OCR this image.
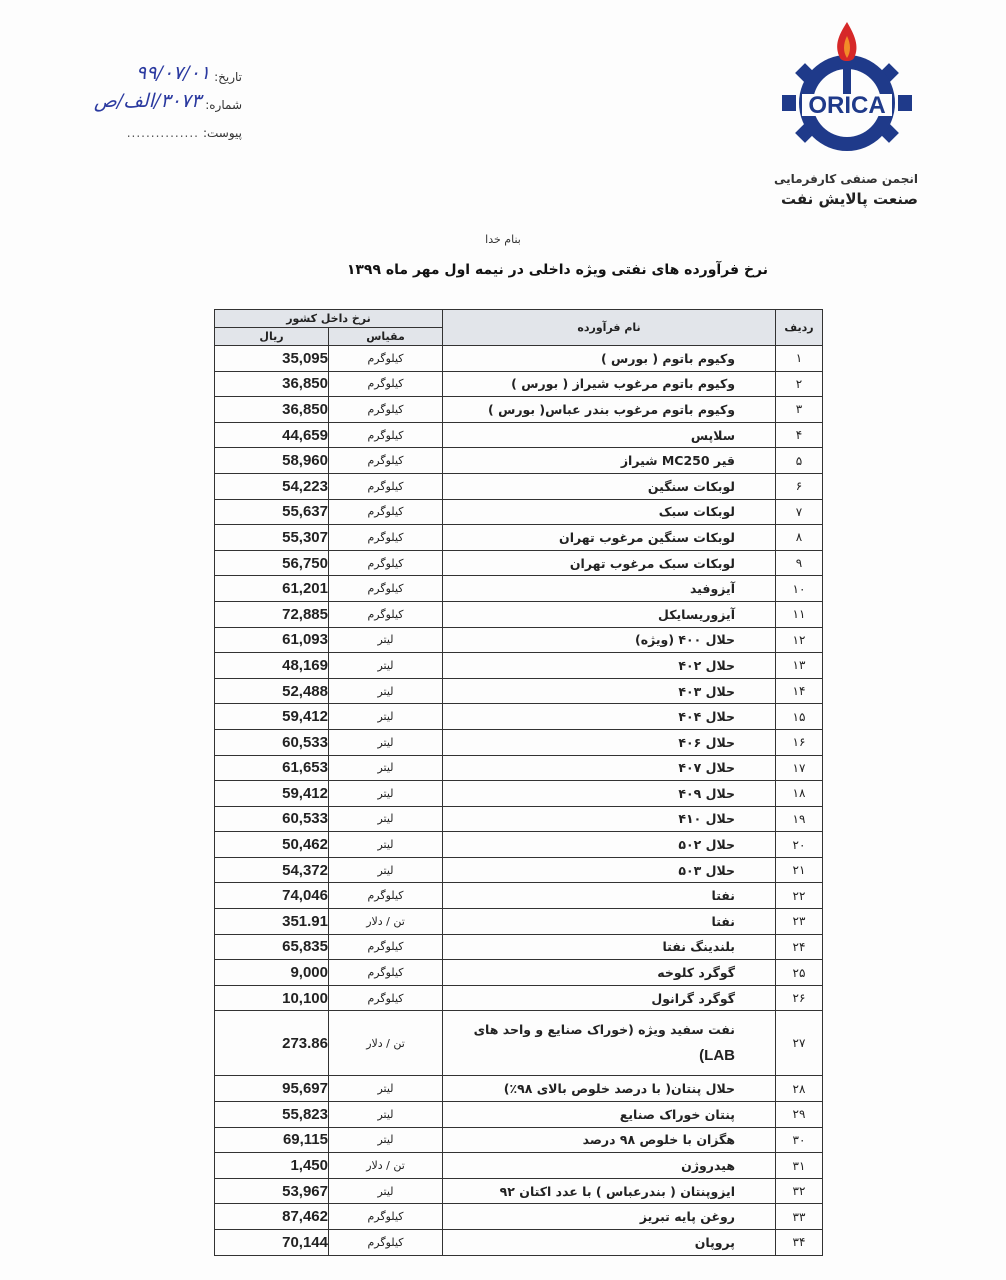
ORICA
انجمن صنفی کارفرمایی
صنعت پالایش نفت
تاریخ:
۹۹/۰۷/۰۱
شماره:
۳۰۷۳/الف/ص
پیوست:
...............
بنام خدا
نرخ فرآورده های نفتی ویژه داخلی در نیمه اول مهر ماه ۱۳۹۹
ردیف	نام فرآورده	نرخ داخل کشور	
		مقیاس	ریال
۱	وکیوم باتوم ( بورس )	کیلوگرم	35,095
۲	وکیوم باتوم مرغوب شیراز ( بورس )	کیلوگرم	36,850
۳	وکیوم باتوم مرغوب بندر عباس( بورس )	کیلوگرم	36,850
۴	سلاپس	کیلوگرم	44,659
۵	قیر MC250 شیراز	کیلوگرم	58,960
۶	لوبکات سنگین	کیلوگرم	54,223
۷	لوبکات سبک	کیلوگرم	55,637
۸	لوبکات سنگین مرغوب تهران	کیلوگرم	55,307
۹	لوبکات سبک مرغوب تهران	کیلوگرم	56,750
۱۰	آیزوفید	کیلوگرم	61,201
۱۱	آیزوریسایکل	کیلوگرم	72,885
۱۲	حلال ۴۰۰ (ویژه)	لیتر	61,093
۱۳	حلال ۴۰۲	لیتر	48,169
۱۴	حلال ۴۰۳	لیتر	52,488
۱۵	حلال ۴۰۴	لیتر	59,412
۱۶	حلال ۴۰۶	لیتر	60,533
۱۷	حلال ۴۰۷	لیتر	61,653
۱۸	حلال ۴۰۹	لیتر	59,412
۱۹	حلال ۴۱۰	لیتر	60,533
۲۰	حلال ۵۰۲	لیتر	50,462
۲۱	حلال ۵۰۳	لیتر	54,372
۲۲	نفتا	کیلوگرم	74,046
۲۳	نفتا	تن / دلار	351.91
۲۴	بلندینگ نفتا	کیلوگرم	65,835
۲۵	گوگرد کلوخه	کیلوگرم	9,000
۲۶	گوگرد گرانول	کیلوگرم	10,100
۲۷	نفت سفید ویژه (خوراک صنایع و واحد های
LAB)	تن / دلار	273.86
۲۸	حلال پنتان( با درصد خلوص بالای ۹۸٪)	لیتر	95,697
۲۹	پنتان خوراک صنایع	لیتر	55,823
۳۰	هگزان با خلوص ۹۸ درصد	لیتر	69,115
۳۱	هیدروژن	تن / دلار	1,450
۳۲	ایزوپنتان ( بندرعباس ) با عدد اکتان ۹۲	لیتر	53,967
۳۳	روغن پایه تبریز	کیلوگرم	87,462
۳۴	پروپان	کیلوگرم	70,144
